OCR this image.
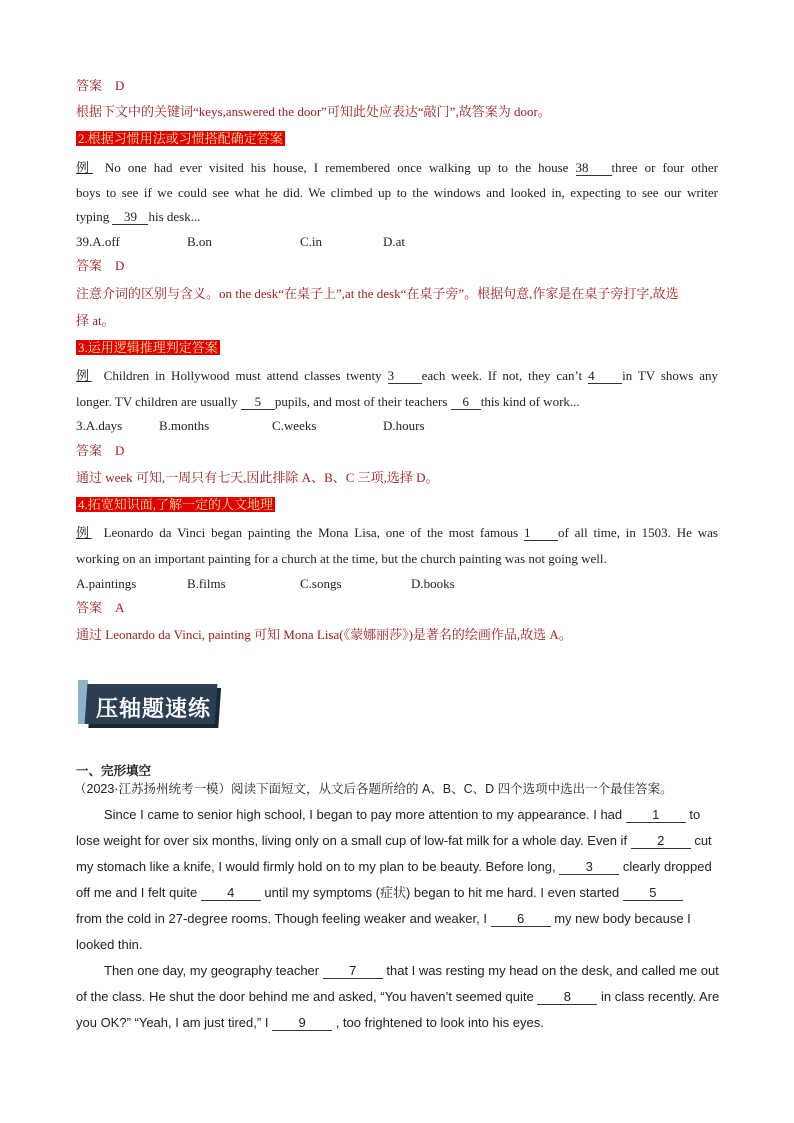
答案　D
根据下文中的关键词“keys,answered the door”可知此处应表达“敲门”,故答案为 door。
2.根据习惯用法或习惯搭配确定答案
例 No one had ever visited his house, I remembered once walking up to the house 38 three or four other
boys to see if we could see what he did. We climbed up to the windows and looked in, expecting to see our writer
typing 39 his desk...
39.A.off	B.on	C.in	D.at
答案　D
注意介词的区别与含义。on the desk“在桌子上”,at the desk“在桌子旁”。根据句意,作家是在桌子旁打字,故选
择 at。
3.运用逻辑推理判定答案
例 Children in Hollywood must attend classes twenty 3 each week. If not, they can’t 4 in TV shows any
longer. TV children are usually 5 pupils, and most of their teachers 6 this kind of work...
3.A.days	B.months	C.weeks	D.hours
答案　D
通过 week 可知,一周只有七天,因此排除 A、B、C 三项,选择 D。
4.拓宽知识面,了解一定的人文地理
例 Leonardo da Vinci began painting the Mona Lisa, one of the most famous 1 of all time, in 1503. He was
working on an important painting for a church at the time, but the church painting was not going well.
A.paintings	B.films	C.songs	D.books
答案　A
通过 Leonardo da Vinci, painting 可知 Mona Lisa(《蒙娜丽莎》)是著名的绘画作品,故选 A。
压轴题速练
一、完形填空
（2023·江苏扬州统考一模）阅读下面短文，从文后各题所给的 A、B、C、D 四个选项中选出一个最佳答案。
Since I came to senior high school, I began to pay more attention to my appearance. I had 1 to
lose weight for over six months, living only on a small cup of low-fat milk for a whole day. Even if 2 cut
my stomach like a knife, I would firmly hold on to my plan to be beauty. Before long, 3 clearly dropped
off me and I felt quite 4 until my symptoms (症状) began to hit me hard. I even started 5
from the cold in 27-degree rooms. Though feeling weaker and weaker, I 6 my new body because I
looked thin.
Then one day, my geography teacher 7 that I was resting my head on the desk, and called me out
of the class. He shut the door behind me and asked, “You haven’t seemed quite 8 in class recently. Are
you OK?” “Yeah, I am just tired,” I 9 , too frightened to look into his eyes.
